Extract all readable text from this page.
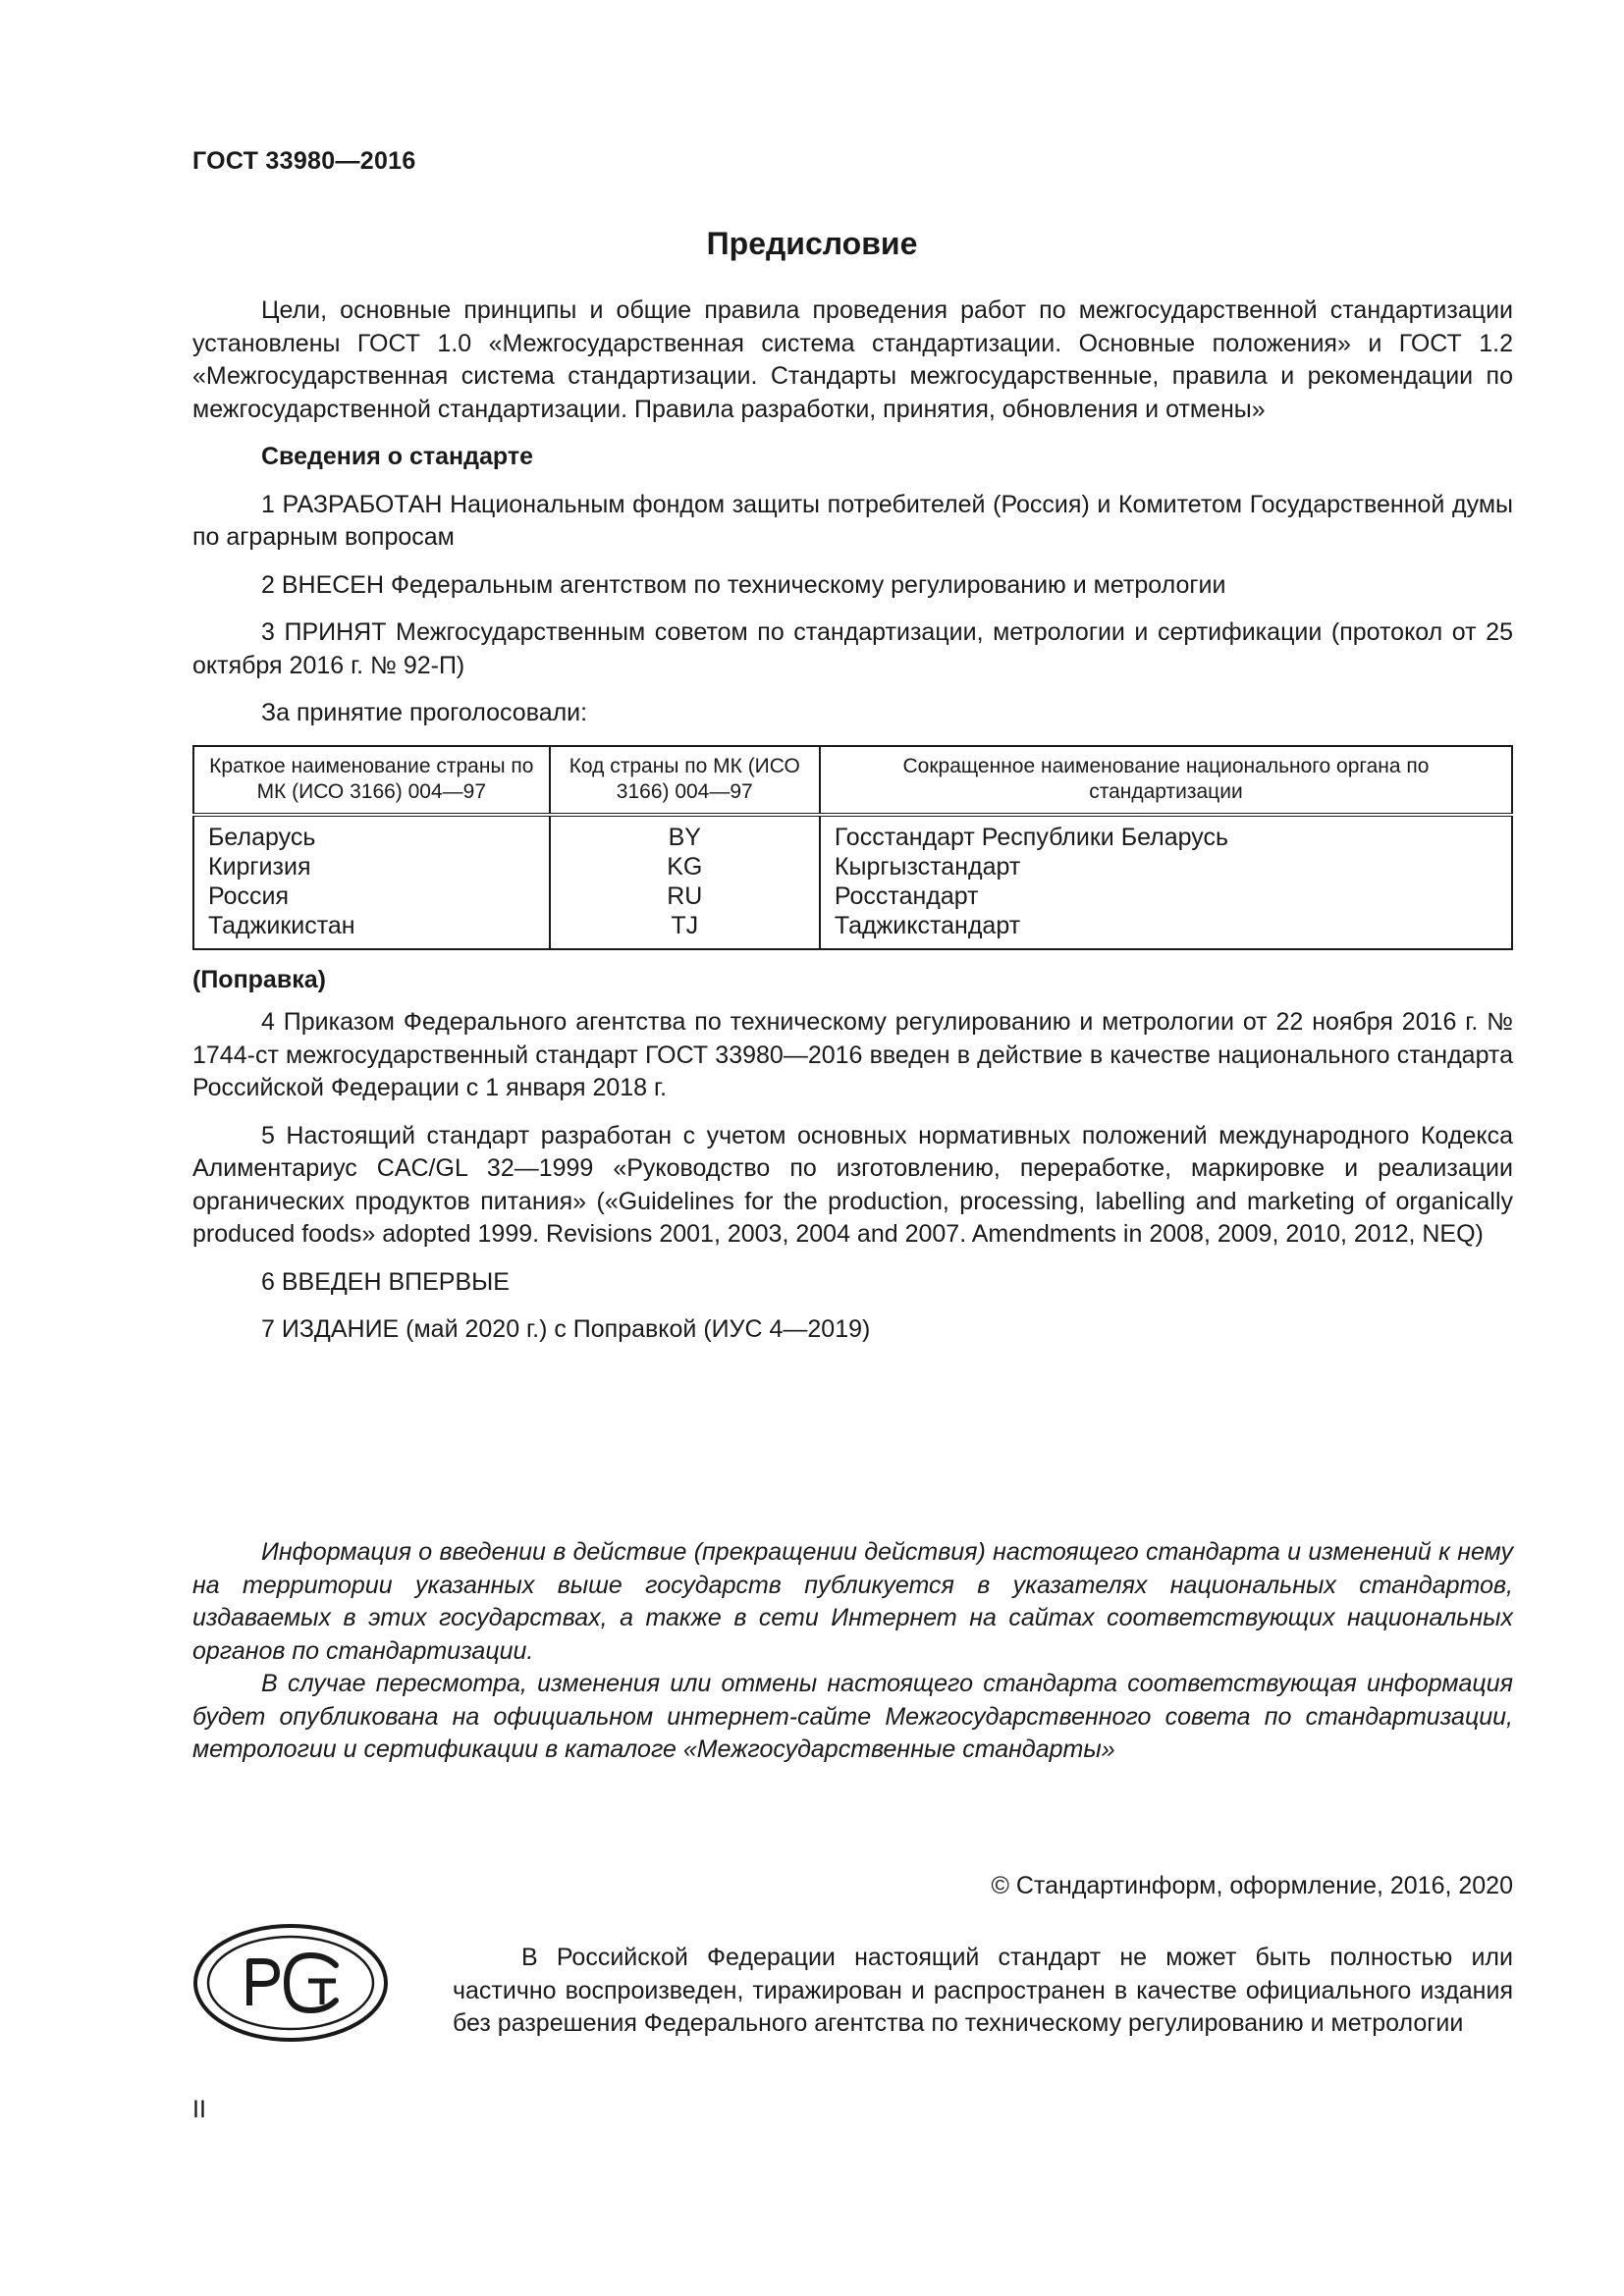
ГОСТ 33980—2016
Предисловие

Цели, основные принципы и общие правила проведения работ по межгосударственной стандартизации установлены ГОСТ 1.0 «Межгосударственная система стандартизации. Основные положения» и ГОСТ 1.2 «Межгосударственная система стандартизации. Стандарты межгосударственные, правила и рекомендации по межгосударственной стандартизации. Правила разработки, принятия, обновления и отмены»

Сведения о стандарте

1 РАЗРАБОТАН Национальным фондом защиты потребителей (Россия) и Комитетом Государственной думы по аграрным вопросам

2 ВНЕСЕН Федеральным агентством по техническому регулированию и метрологии

3 ПРИНЯТ Межгосударственным советом по стандартизации, метрологии и сертификации (протокол от 25 октября 2016 г. № 92-П)

За принятие проголосовали:

Краткое наименование страны по МК (ИСО 3166) 004—97	Код страны по МК (ИСО 3166) 004—97	Сокращенное наименование национального органа по стандартизации
Беларусь	BY	Госстандарт Республики Беларусь
Киргизия	KG	Кыргызстандарт
Россия	RU	Росстандарт
Таджикистан	TJ	Таджикстандарт
(Поправка)

4 Приказом Федерального агентства по техническому регулированию и метрологии от 22 ноября 2016 г. № 1744-ст межгосударственный стандарт ГОСТ 33980—2016 введен в действие в качестве национального стандарта Российской Федерации с 1 января 2018 г.

5 Настоящий стандарт разработан с учетом основных нормативных положений международного Кодекса Алиментариус CAC/GL 32—1999 «Руководство по изготовлению, переработке, маркировке и реализации органических продуктов питания» («Guidelines for the production, processing, labelling and marketing of organically produced foods» adopted 1999. Revisions 2001, 2003, 2004 and 2007. Amendments in 2008, 2009, 2010, 2012, NEQ)

6 ВВЕДЕН ВПЕРВЫЕ

7 ИЗДАНИЕ (май 2020 г.) с Поправкой (ИУС 4—2019)

Информация о введении в действие (прекращении действия) настоящего стандарта и изменений к нему на территории указанных выше государств публикуется в указателях национальных стандартов, издаваемых в этих государствах, а также в сети Интернет на сайтах соответствующих национальных органов по стандартизации.

В случае пересмотра, изменения или отмены настоящего стандарта соответствующая информация будет опубликована на официальном интернет-сайте Межгосударственного совета по стандартизации, метрологии и сертификации в каталоге «Межгосударственные стандарты»

© Стандартинформ, оформление, 2016, 2020

В Российской Федерации настоящий стандарт не может быть полностью или частично воспроизведен, тиражирован и распространен в качестве официального издания без разрешения Федерального агентства по техническому регулированию и метрологии

II
